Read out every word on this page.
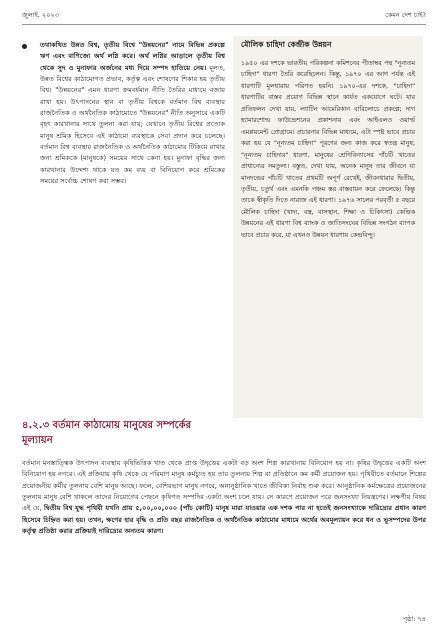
জুলাই, ২০২৩	কেমন দেশ চাই?
তথাকথিত উন্নত বিশ্ব, তৃতীয় বিশ্বে "উন্নয়নের" নামে বিভিন্ন প্রকল্পে ঋণ এবং বাণিজ্যে অর্থ লগ্নি করে। অর্থ লগ্নির আড়ালে তৃতীয় বিশ্ব থেকে সুদ ও মুনাফার অর্জনের মধ্য দিয়ে সম্পদ হাতিয়ে নেয়। মূলত, উন্নত বিশ্বের কাঠামোগত প্রভাব, কর্তৃত্ব এবং শোষণের শিকার হয় তৃতীয় বিশ্ব। "উন্নয়নের" এমন ধারণা ক্রমবর্ধমান নীতি তৈরির মাধ্যমে বজায় রাখা হয়। উৎপাদনের স্থান বা তৃতীয় বিশ্বকে বর্তমান বিশ্ব ব্যবস্থার রাজনৈতিক ও অর্থনৈতিক কাঠামোতে "উন্নয়নের" নীতি অনুসারে একটি বৃহৎ কারখানার সাথে তুলনা করা যায়; যেখানে তৃতীয় বিশ্বের প্রত্যেক মানুষ শ্রমিক হিসেবে এই কাঠামো ব্যবস্থাকে সেবা প্রদান করে চলেছে। বর্তমান বিশ্ব ব্যবস্থার রাজনৈতিক ও অর্থনৈতিক কাঠামোর টিকিয়ে রাখার জন্য শ্রমিককে (মানুষকে) সময়ের সাথে কেনা হয়। মুনাফা বৃদ্ধির জন্য কারখানার উদ্দেশ্য থাকে যত কম ব্যয় বা বিনিয়োগ করে শ্রমিকের সময়ের সর্বোচ্চ শোষণ করা সম্ভব।
মৌলিক চাহিদা কেন্দ্রীক উন্নয়ন
১৯৫০ এর দশকে ভারতীয় পরিকল্পনা কমিশনের পীতাম্বর পন্থ "নূন্যতম চাহিদা" ধারণা তৈরি করেছিলেন। কিন্তু, ১৯৭০ এর আগ পর্যন্ত এই ধারণাটি মূলধারায় পরিণত হয়নি। ১৯৭০-এর দশকে, "চাহিদা" ধারণাটির বাস্তব প্রয়োগ বিভিন্ন স্থানে কার্যত একযোগে ঘটে। যার প্রতিফলন দেখা যায়, ল্যাটিন আমেরিকান বারিলোচে প্রকল্পে; দাগ হ্যামারশোল্ড ফাউন্ডেশনের প্রকাশনায় এবং আইএলও ওয়ার্ল্ড এমপ্লয়মেন্ট প্রোগ্রামে। প্রচারনার বিভিন্ন মাধ্যমে, এটা স্পষ্ট ভাবে প্রচার করা হয় যে "নূন্যতম চাহিদা" পূরণের জন্য কাজ করে স্বতন্ত্র মানুষ; "নূন্যতম চাহিদার" ধারণা, মানুষের শ্রেণিবিন্যাসের পাঁচটি খাতের প্রাধান্যের সমতুল্য। বস্তুত, দেখা যায়, অনেক মানুষ তার জীবনে যা মানদন্ডের পাঁচটি খাতের প্রথমটি অপূর্ণ রেখেই, জীবনধারার দ্বিতীয়, তৃতীয়, চতুর্থ এবং এমনকি পঞ্চম স্তর বাস্তবায়ন করে ফেলেছে। কিন্তু তাকে স্বীকৃতি দিতে নারাজ এই ধারণা। ১৯৭৬ সালের পরবর্তী ৫ বছরে মৌলিক চাহিদা (খাদ্য, বস্ত্র, বাসস্থান, শিক্ষা ও চিকিৎসা) কেন্দ্রিক উন্নয়নের এই ধারণা বিশ্ব ব্যাংক ও জাতিসংঘের বিভিন্ন সংগঠন ব্যাপক ভাবে প্রচার করে, যা এখনও উন্নয়ন ধারণায় কেন্দ্রবিন্দু।
৪.২.৩ বর্তমান কাঠামোয় মানুষের সম্পর্কের মূল্যায়ন
বর্তমান মনস্তাত্ত্বিক উৎপাদন ব্যবস্থায় কৃষিভিত্তিক খাত থেকে প্রাপ্ত উদ্বৃত্তের একটা বড় অংশ শিল্প কারখানায় বিনিয়োগ হয় না। কৃষির উদ্বৃত্তের একটি অংশ বিনিয়োগ হয় নগরে। এই প্রক্রিয়ায় কৃষি থেকে যে পরিমাণ মানুষ কর্মচ্যুত হয় তার তুলনায় শিল্প বা প্রতিষ্ঠানে কম কর্মী প্রয়োজন হয়। পৃথিবীতে বর্তমানে শিল্পের প্রয়োজনীয় কর্মীর তুলনায় বেশি মানুষ আছে। ফলে, বেশিরভাগ মানুষ নগরে, অনানুষ্ঠানিক খাতে জীবিকা নির্বাহ শুরু করে। আনুষ্ঠানিক কর্মক্ষেত্রের প্রয়োজনের তুলনায় মানুষ বেশি থাকলে তাদের নিয়োগের পেছনে কৃষিগত সম্পদির একটা অংশ চলে যায়। সে কারণে প্রয়োজন পরে জনসংখ্যা নিয়ন্ত্রণের। লক্ষণীয় বিষয় এই যে, দ্বিতীয় বিশ্ব যুদ্ধ পৃথিবী যখনি প্রায় ৫,০০,০০,০০০ (পাঁচ কোটি) মানুষ মারা যাওয়ার এক দশক পার না হতেই জনসংখ্যাকে দারিদ্র্যের প্রধান কারণ হিসেবে চিহ্নিত করা হয়। তখন, ক্ষণের হার বৃদ্ধি ও প্রতি বছর রাজনৈতিক ও অর্থনৈতিক কাঠামোর মাধ্যমে অর্থের অবমূল্যায়ন করে ধন ও ভূসম্পদের উপর কর্তৃত্ব প্রতিষ্ঠা করার প্রক্রিয়াই দারিদ্র্যের অন্যতম কারণ।
পৃষ্ঠা: ৭৪
